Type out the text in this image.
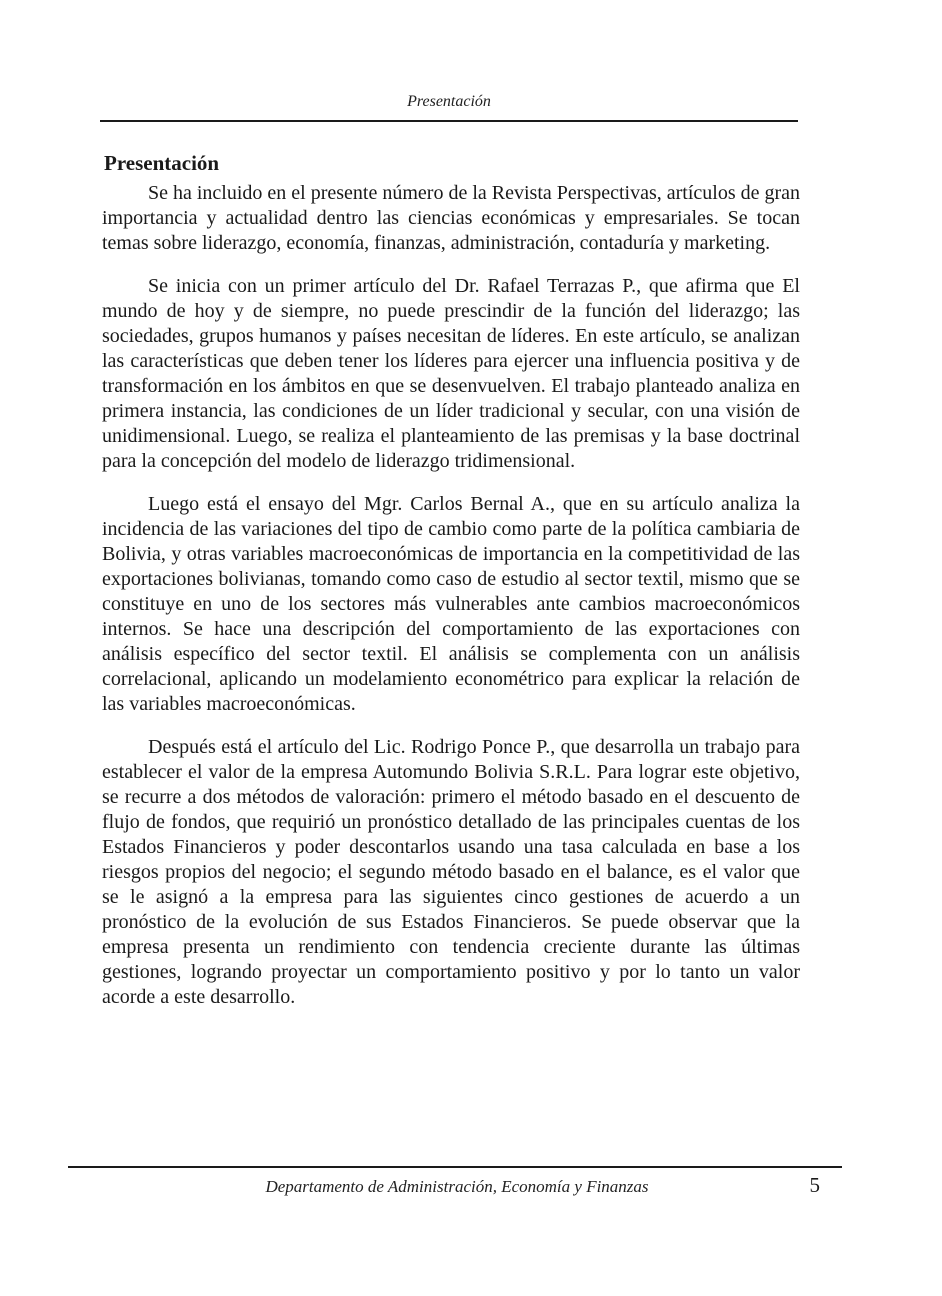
Presentación
Presentación

Se ha incluido en el presente número de la Revista Perspectivas, artículos de gran importancia y actualidad dentro las ciencias económicas y empresariales. Se tocan temas sobre liderazgo, economía, finanzas, administración, contaduría y marketing.

Se inicia con un primer artículo del Dr. Rafael Terrazas P., que afirma que El mundo de hoy y de siempre, no puede prescindir de la función del liderazgo; las sociedades, grupos humanos y países necesitan de líderes. En este artículo, se analizan las características que deben tener los líderes para ejercer una influencia positiva y de transformación en los ámbitos en que se desenvuelven. El trabajo planteado analiza en primera instancia, las condiciones de un líder tradicional y secular, con una visión de unidimensional. Luego, se realiza el planteamiento de las premisas y la base doctrinal para la concepción del modelo de liderazgo tridimensional.

Luego está el ensayo del Mgr. Carlos Bernal A., que en su artículo analiza la incidencia de las variaciones del tipo de cambio como parte de la política cambiaria de Bolivia, y otras variables macroeconómicas de importancia en la competitividad de las exportaciones bolivianas, tomando como caso de estudio al sector textil, mismo que se constituye en uno de los sectores más vulnerables ante cambios macroeconómicos internos. Se hace una descripción del comportamiento de las exportaciones con análisis específico del sector textil. El análisis se complementa con un análisis correlacional, aplicando un modelamiento econométrico para explicar la relación de las variables macroeconómicas.

Después está el artículo del Lic. Rodrigo Ponce P., que desarrolla un trabajo para establecer el valor de la empresa Automundo Bolivia S.R.L. Para lograr este objetivo, se recurre a dos métodos de valoración: primero el método basado en el descuento de flujo de fondos, que requirió un pronóstico detallado de las principales cuentas de los Estados Financieros y poder descontarlos usando una tasa calculada en base a los riesgos propios del negocio; el segundo método basado en el balance, es el valor que se le asignó a la empresa para las siguientes cinco gestiones de acuerdo a un pronóstico de la evolución de sus Estados Financieros. Se puede observar que la empresa presenta un rendimiento con tendencia creciente durante las últimas gestiones, logrando proyectar un comportamiento positivo y por lo tanto un valor acorde a este desarrollo.

Departamento de Administración, Economía y Finanzas	5
